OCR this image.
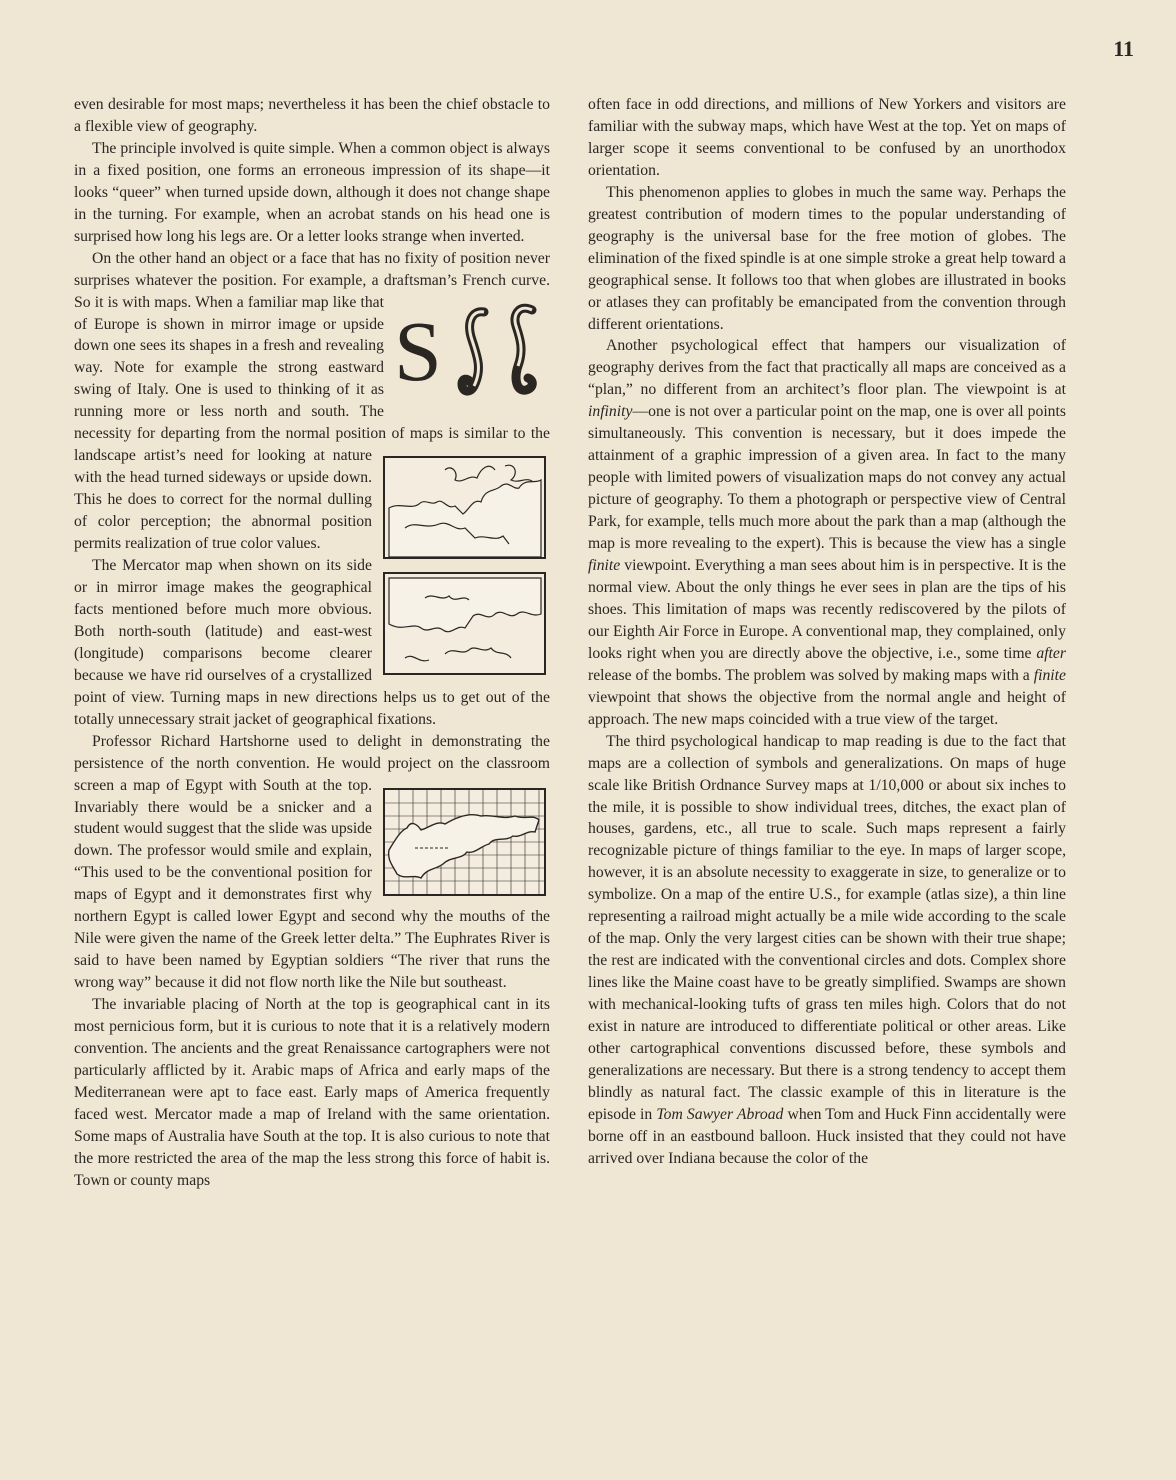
11
S

even desirable for most maps; nevertheless it has been the chief obstacle to a flexible view of geography.

The principle involved is quite simple. When a common object is always in a fixed position, one forms an erroneous impression of its shape—it looks “queer” when turned upside down, although it does not change shape in the turning. For example, when an acrobat stands on his head one is surprised how long his legs are. Or a letter looks strange when inverted.

On the other hand an object or a face that has no fixity of position never surprises whatever the position. For example, a draftsman’s French curve. So it is with maps. When a familiar map like that of Europe is shown in mirror image or upside down one sees its shapes in a fresh and revealing way. Note for example the strong eastward swing of Italy. One is used to thinking of it as running more or less north and south. The necessity for departing from the normal position of maps is similar to the landscape artist’s need for looking at nature with the head turned sideways or upside down. This he does to correct for the normal dulling of color perception; the abnormal position permits realization of true color values.

The Mercator map when shown on its side or in mirror image makes the geographical facts mentioned before much more obvious. Both north-south (latitude) and east-west (longitude) comparisons become clearer because we have rid ourselves of a crystallized point of view. Turning maps in new directions helps us to get out of the totally unnecessary strait jacket of geographical fixations.

Professor Richard Hartshorne used to delight in demonstrating the persistence of the north convention. He would project on the classroom screen a map of Egypt with South at the top. Invariably there would be a snicker and a student would suggest that the slide was upside down. The professor would smile and explain, “This used to be the conventional position for maps of Egypt and it demonstrates first why northern Egypt is called lower Egypt and second why the mouths of the Nile were given the name of the Greek letter delta.” The Euphrates River is said to have been named by Egyptian soldiers “The river that runs the wrong way” because it did not flow north like the Nile but southeast.

The invariable placing of North at the top is geographical cant in its most pernicious form, but it is curious to note that it is a relatively modern convention. The ancients and the great Renaissance cartographers were not particularly afflicted by it. Arabic maps of Africa and early maps of the Mediterranean were apt to face east. Early maps of America frequently faced west. Mercator made a map of Ireland with the same orientation. Some maps of Australia have South at the top. It is also curious to note that the more restricted the area of the map the less strong this force of habit is. Town or county maps

often face in odd directions, and millions of New Yorkers and visitors are familiar with the subway maps, which have West at the top. Yet on maps of larger scope it seems conventional to be confused by an unorthodox orientation.

This phenomenon applies to globes in much the same way. Perhaps the greatest contribution of modern times to the popular understanding of geography is the universal base for the free motion of globes. The elimination of the fixed spindle is at one simple stroke a great help toward a geographical sense. It follows too that when globes are illustrated in books or atlases they can profitably be emancipated from the convention through different orientations.

Another psychological effect that hampers our visualization of geography derives from the fact that practically all maps are conceived as a “plan,” no different from an architect’s floor plan. The viewpoint is at infinity—one is not over a particular point on the map, one is over all points simultaneously. This convention is necessary, but it does impede the attainment of a graphic impression of a given area. In fact to the many people with limited powers of visualization maps do not convey any actual picture of geography. To them a photograph or perspective view of Central Park, for example, tells much more about the park than a map (although the map is more revealing to the expert). This is because the view has a single finite viewpoint. Everything a man sees about him is in perspective. It is the normal view. About the only things he ever sees in plan are the tips of his shoes. This limitation of maps was recently rediscovered by the pilots of our Eighth Air Force in Europe. A conventional map, they complained, only looks right when you are directly above the objective, i.e., some time after release of the bombs. The problem was solved by making maps with a finite viewpoint that shows the objective from the normal angle and height of approach. The new maps coincided with a true view of the target.

The third psychological handicap to map reading is due to the fact that maps are a collection of symbols and generalizations. On maps of huge scale like British Ordnance Survey maps at 1/10,000 or about six inches to the mile, it is possible to show individual trees, ditches, the exact plan of houses, gardens, etc., all true to scale. Such maps represent a fairly recognizable picture of things familiar to the eye. In maps of larger scope, however, it is an absolute necessity to exaggerate in size, to generalize or to symbolize. On a map of the entire U.S., for example (atlas size), a thin line representing a railroad might actually be a mile wide according to the scale of the map. Only the very largest cities can be shown with their true shape; the rest are indicated with the conventional circles and dots. Complex shore lines like the Maine coast have to be greatly simplified. Swamps are shown with mechanical-looking tufts of grass ten miles high. Colors that do not exist in nature are introduced to differentiate political or other areas. Like other cartographical conventions discussed before, these symbols and generalizations are necessary. But there is a strong tendency to accept them blindly as natural fact. The classic example of this in literature is the episode in Tom Sawyer Abroad when Tom and Huck Finn accidentally were borne off in an eastbound balloon. Huck insisted that they could not have arrived over Indiana because the color of the
